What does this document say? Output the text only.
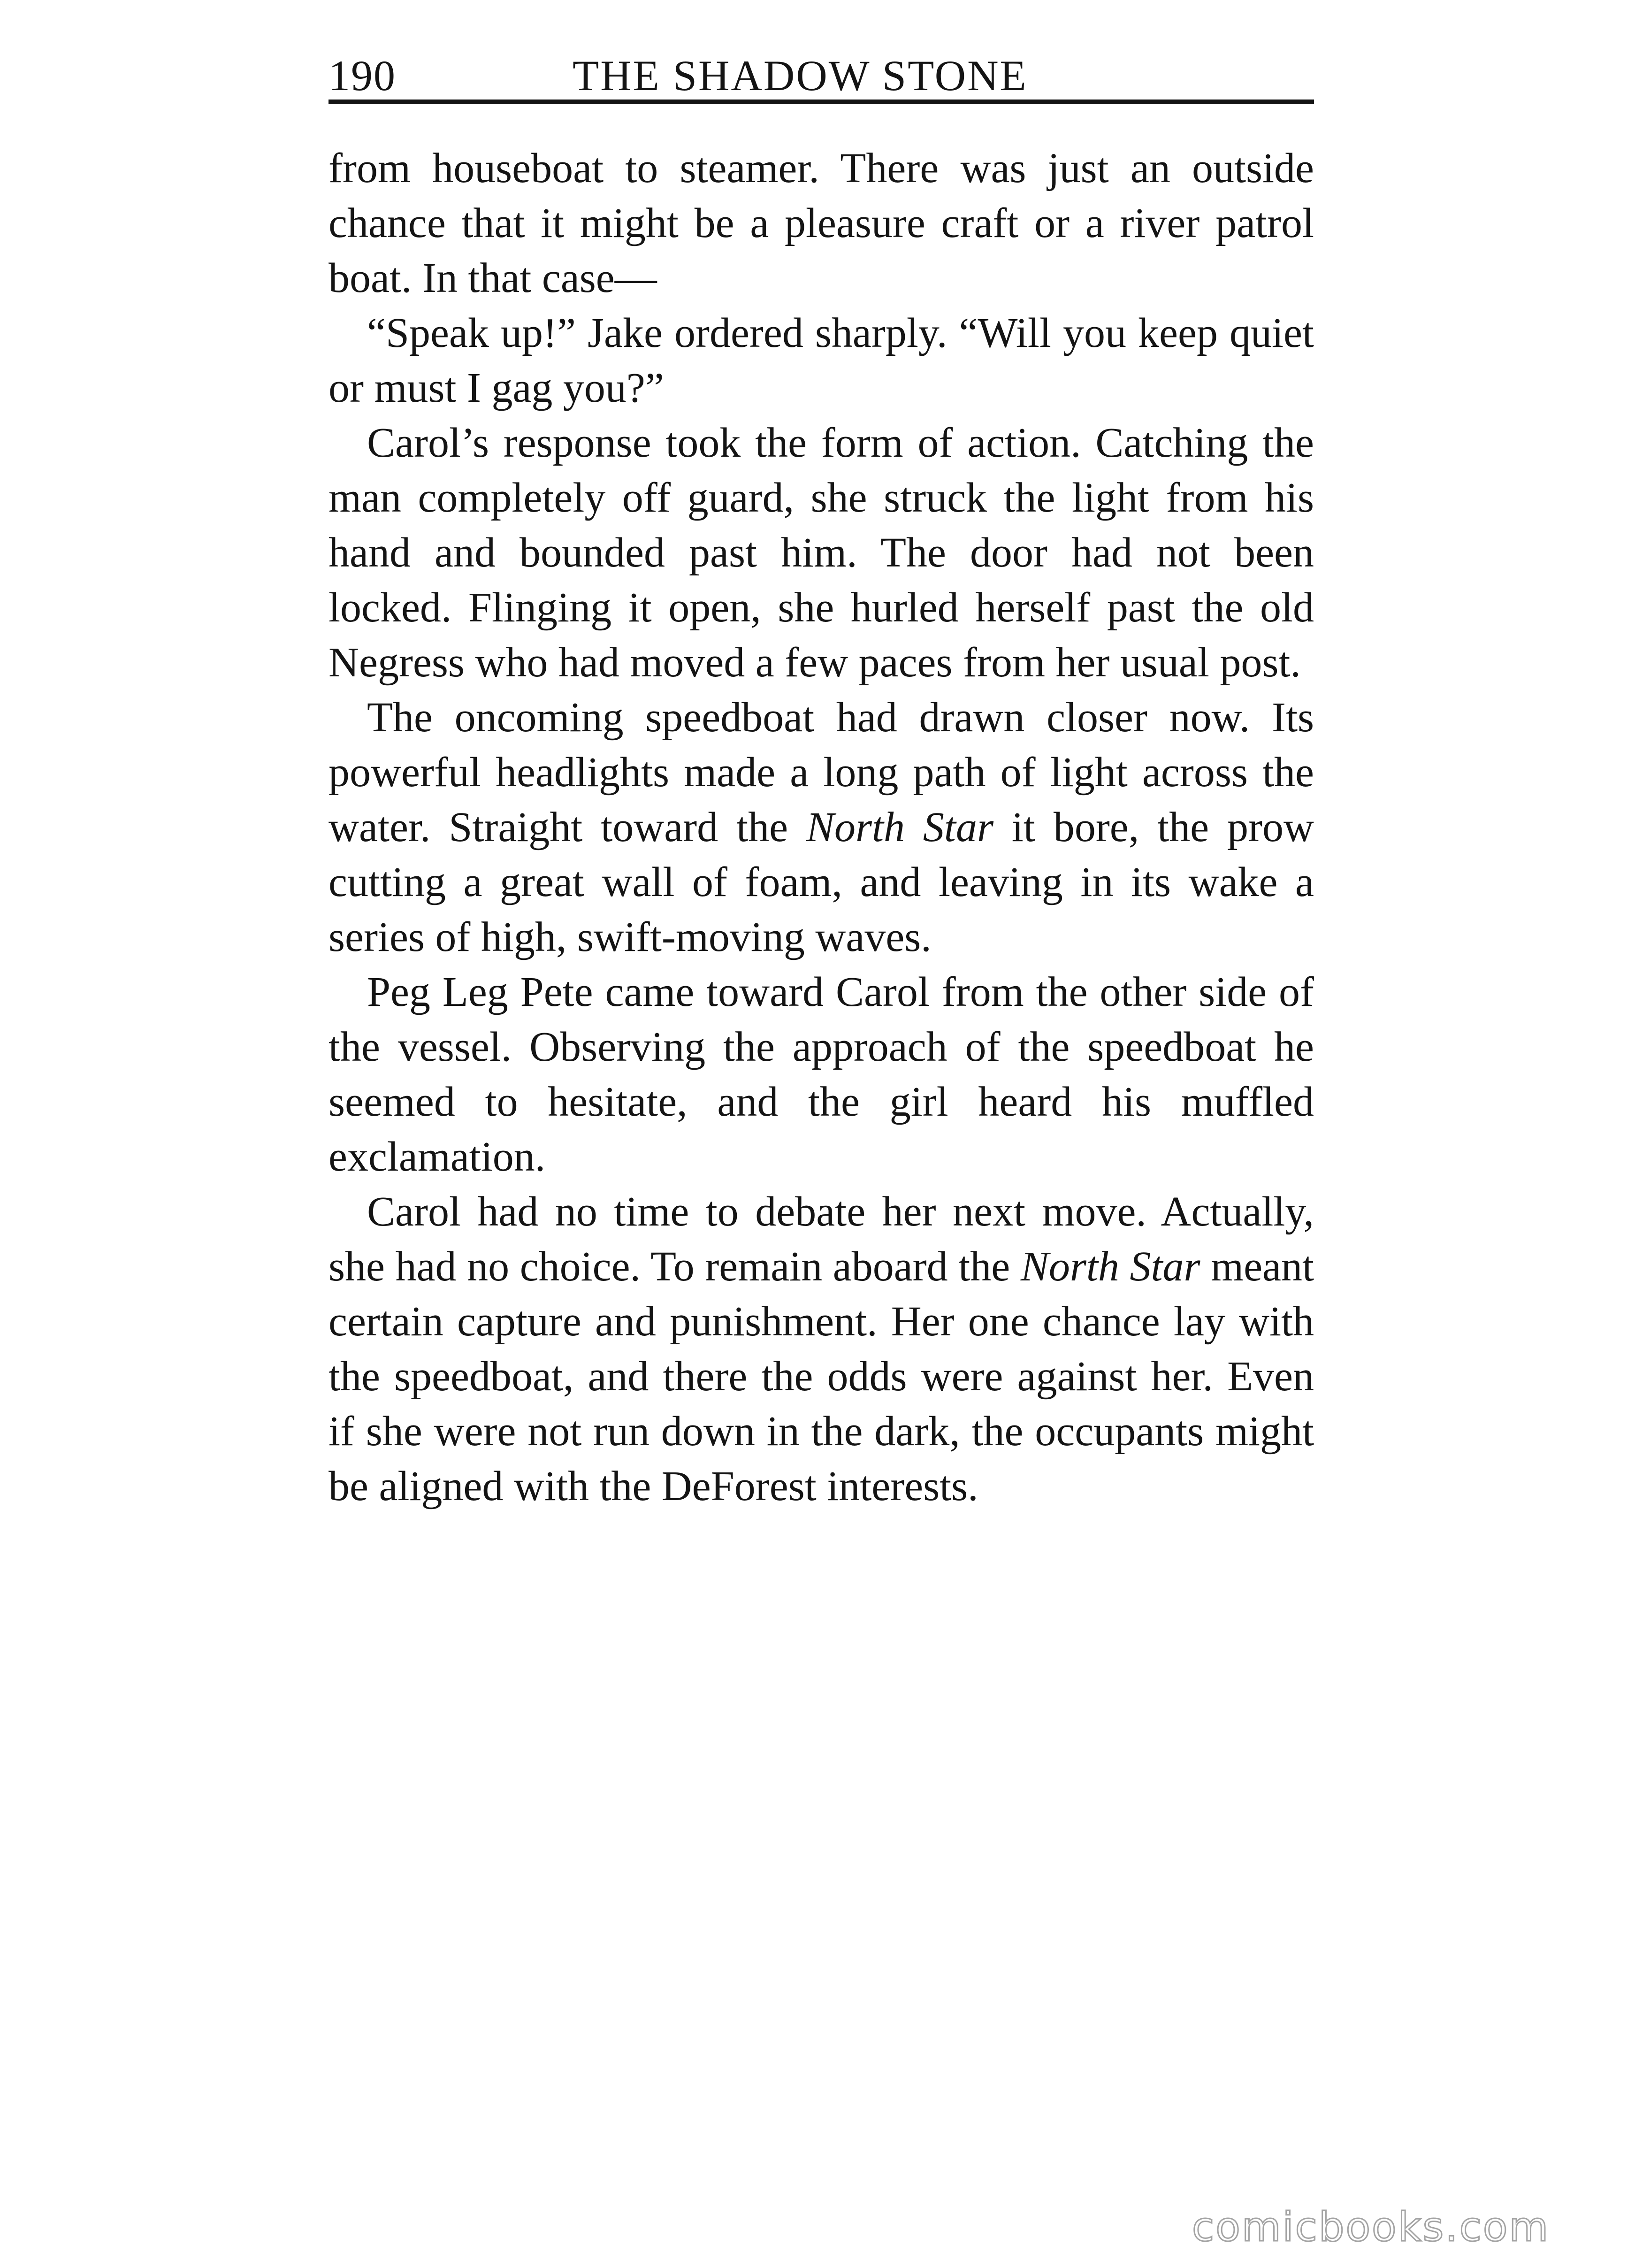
190	THE SHADOW STONE

from houseboat to steamer. There was just an outside chance that it might be a pleasure craft or a river patrol boat. In that case—

“Speak up!” Jake ordered sharply. “Will you keep quiet or must I gag you?”

Carol’s response took the form of action. Catching the man completely off guard, she struck the light from his hand and bounded past him. The door had not been locked. Flinging it open, she hurled herself past the old Negress who had moved a few paces from her usual post.

The oncoming speedboat had drawn closer now. Its powerful headlights made a long path of light across the water. Straight toward the North Star it bore, the prow cutting a great wall of foam, and leaving in its wake a series of high, swift-moving waves.

Peg Leg Pete came toward Carol from the other side of the vessel. Observing the approach of the speedboat he seemed to hesitate, and the girl heard his muffled exclamation.

Carol had no time to debate her next move. Actually, she had no choice. To remain aboard the North Star meant certain capture and punishment. Her one chance lay with the speedboat, and there the odds were against her. Even if she were not run down in the dark, the occupants might be aligned with the DeForest interests.

comicbooks.com
